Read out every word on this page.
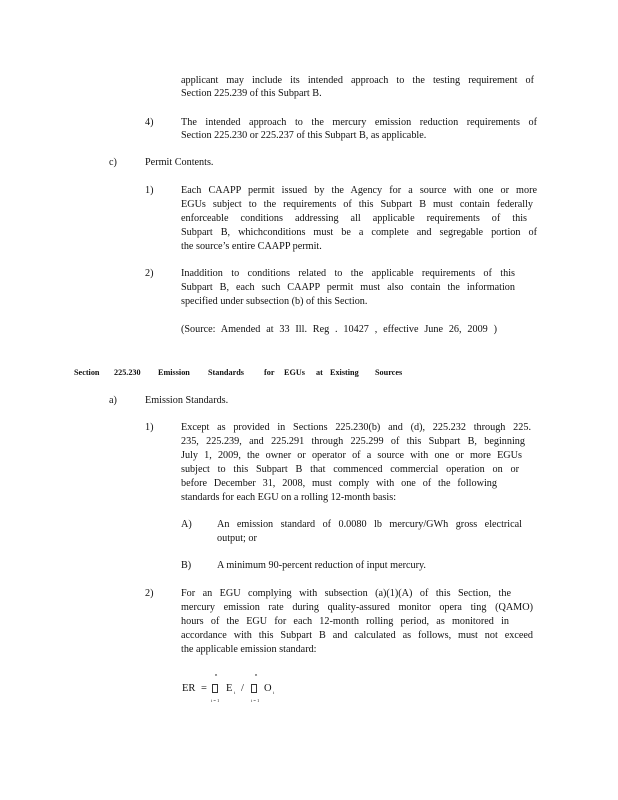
applicant may include its intended approach to the testing requirement of
Section 225.239 of this Subpart B.
4)	The intended approach to the mercury emission reduction requirements of
Section 225.230 or 225.237 of this Subpart B, as applicable.
c)	Permit Contents.
1)	Each CAAPP permit issued by the Agency for a source with one or more
EGUs subject to the requirements of this Subpart B must contain federally
enforceable conditions addressing all applicable requirements of this
Subpart B, whichconditions must be a complete and segregable portion of
the source’s entire CAAPP permit.
2)	Inaddition to conditions related to the applicable requirements of this
Subpart B, each such CAAPP permit must also contain the information
specified under subsection (b) of this Section.
(Source: Amended at 33 Ill. Reg . 10427 , effective June 26, 2009 )
Section 225.230 Emission Standards for EGUs at Existing Sources
a)	Emission Standards.
1)	Except as provided in Sections 225.230(b) and (d), 225.232 through 225.
235, 225.239, and 225.291 through 225.299 of this Subpart B, beginning
July 1, 2009, the owner or operator of a source with one or more EGUs
subject to this Subpart B that commenced commercial operation on or
before December 31, 2008, must comply with one of the following
standards for each EGU on a rolling 12-month basis:
A) An emission standard of 0.0080 lb mercury/GWh gross electrical
output; or
B)	A minimum 90-percent reduction of input mercury.
2)	For an EGU complying with subsection (a)(1)(A) of this Section, the
mercury emission rate during quality-assured monitor opera ting (QAMO)
hours of the EGU for each 12-month rolling period, as monitored in
accordance with this Subpart B and calculated as follows, must not exceed
the applicable emission standard:
ER =
n
i = 1
E i /
n
i = 1
O i
